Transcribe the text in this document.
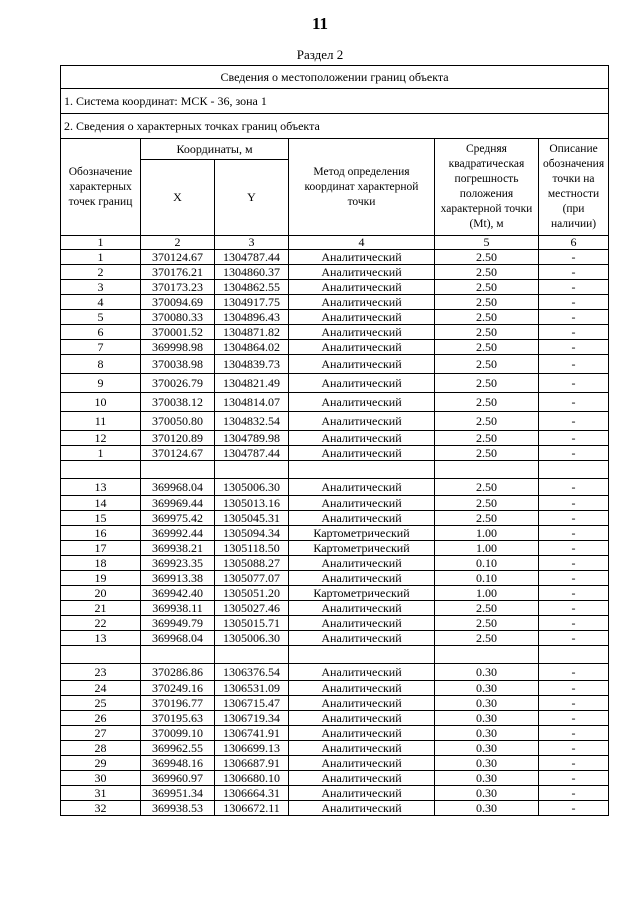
11
Раздел 2
Сведения о местоположении границ объекта					
1. Система координат: МСК - 36, зона 1					
2. Сведения о характерных точках границ объекта					
Обозначение характерных точек границ	Координаты, м		Метод определения координат характерной точки	Средняя квадратическая погрешность положения характерной точки (Mt), м	Описание обозначения точки на местности (при наличии)
	X	Y			
1	2	3	4	5	6
1	370124.67	1304787.44	Аналитический	2.50	-
2	370176.21	1304860.37	Аналитический	2.50	-
3	370173.23	1304862.55	Аналитический	2.50	-
4	370094.69	1304917.75	Аналитический	2.50	-
5	370080.33	1304896.43	Аналитический	2.50	-
6	370001.52	1304871.82	Аналитический	2.50	-
7	369998.98	1304864.02	Аналитический	2.50	-
8	370038.98	1304839.73	Аналитический	2.50	-
9	370026.79	1304821.49	Аналитический	2.50	-
10	370038.12	1304814.07	Аналитический	2.50	-
11	370050.80	1304832.54	Аналитический	2.50	-
12	370120.89	1304789.98	Аналитический	2.50	-
1	370124.67	1304787.44	Аналитический	2.50	-

13	369968.04	1305006.30	Аналитический	2.50	-
14	369969.44	1305013.16	Аналитический	2.50	-
15	369975.42	1305045.31	Аналитический	2.50	-
16	369992.44	1305094.34	Картометрический	1.00	-
17	369938.21	1305118.50	Картометрический	1.00	-
18	369923.35	1305088.27	Аналитический	0.10	-
19	369913.38	1305077.07	Аналитический	0.10	-
20	369942.40	1305051.20	Картометрический	1.00	-
21	369938.11	1305027.46	Аналитический	2.50	-
22	369949.79	1305015.71	Аналитический	2.50	-
13	369968.04	1305006.30	Аналитический	2.50	-

23	370286.86	1306376.54	Аналитический	0.30	-
24	370249.16	1306531.09	Аналитический	0.30	-
25	370196.77	1306715.47	Аналитический	0.30	-
26	370195.63	1306719.34	Аналитический	0.30	-
27	370099.10	1306741.91	Аналитический	0.30	-
28	369962.55	1306699.13	Аналитический	0.30	-
29	369948.16	1306687.91	Аналитический	0.30	-
30	369960.97	1306680.10	Аналитический	0.30	-
31	369951.34	1306664.31	Аналитический	0.30	-
32	369938.53	1306672.11	Аналитический	0.30	-
